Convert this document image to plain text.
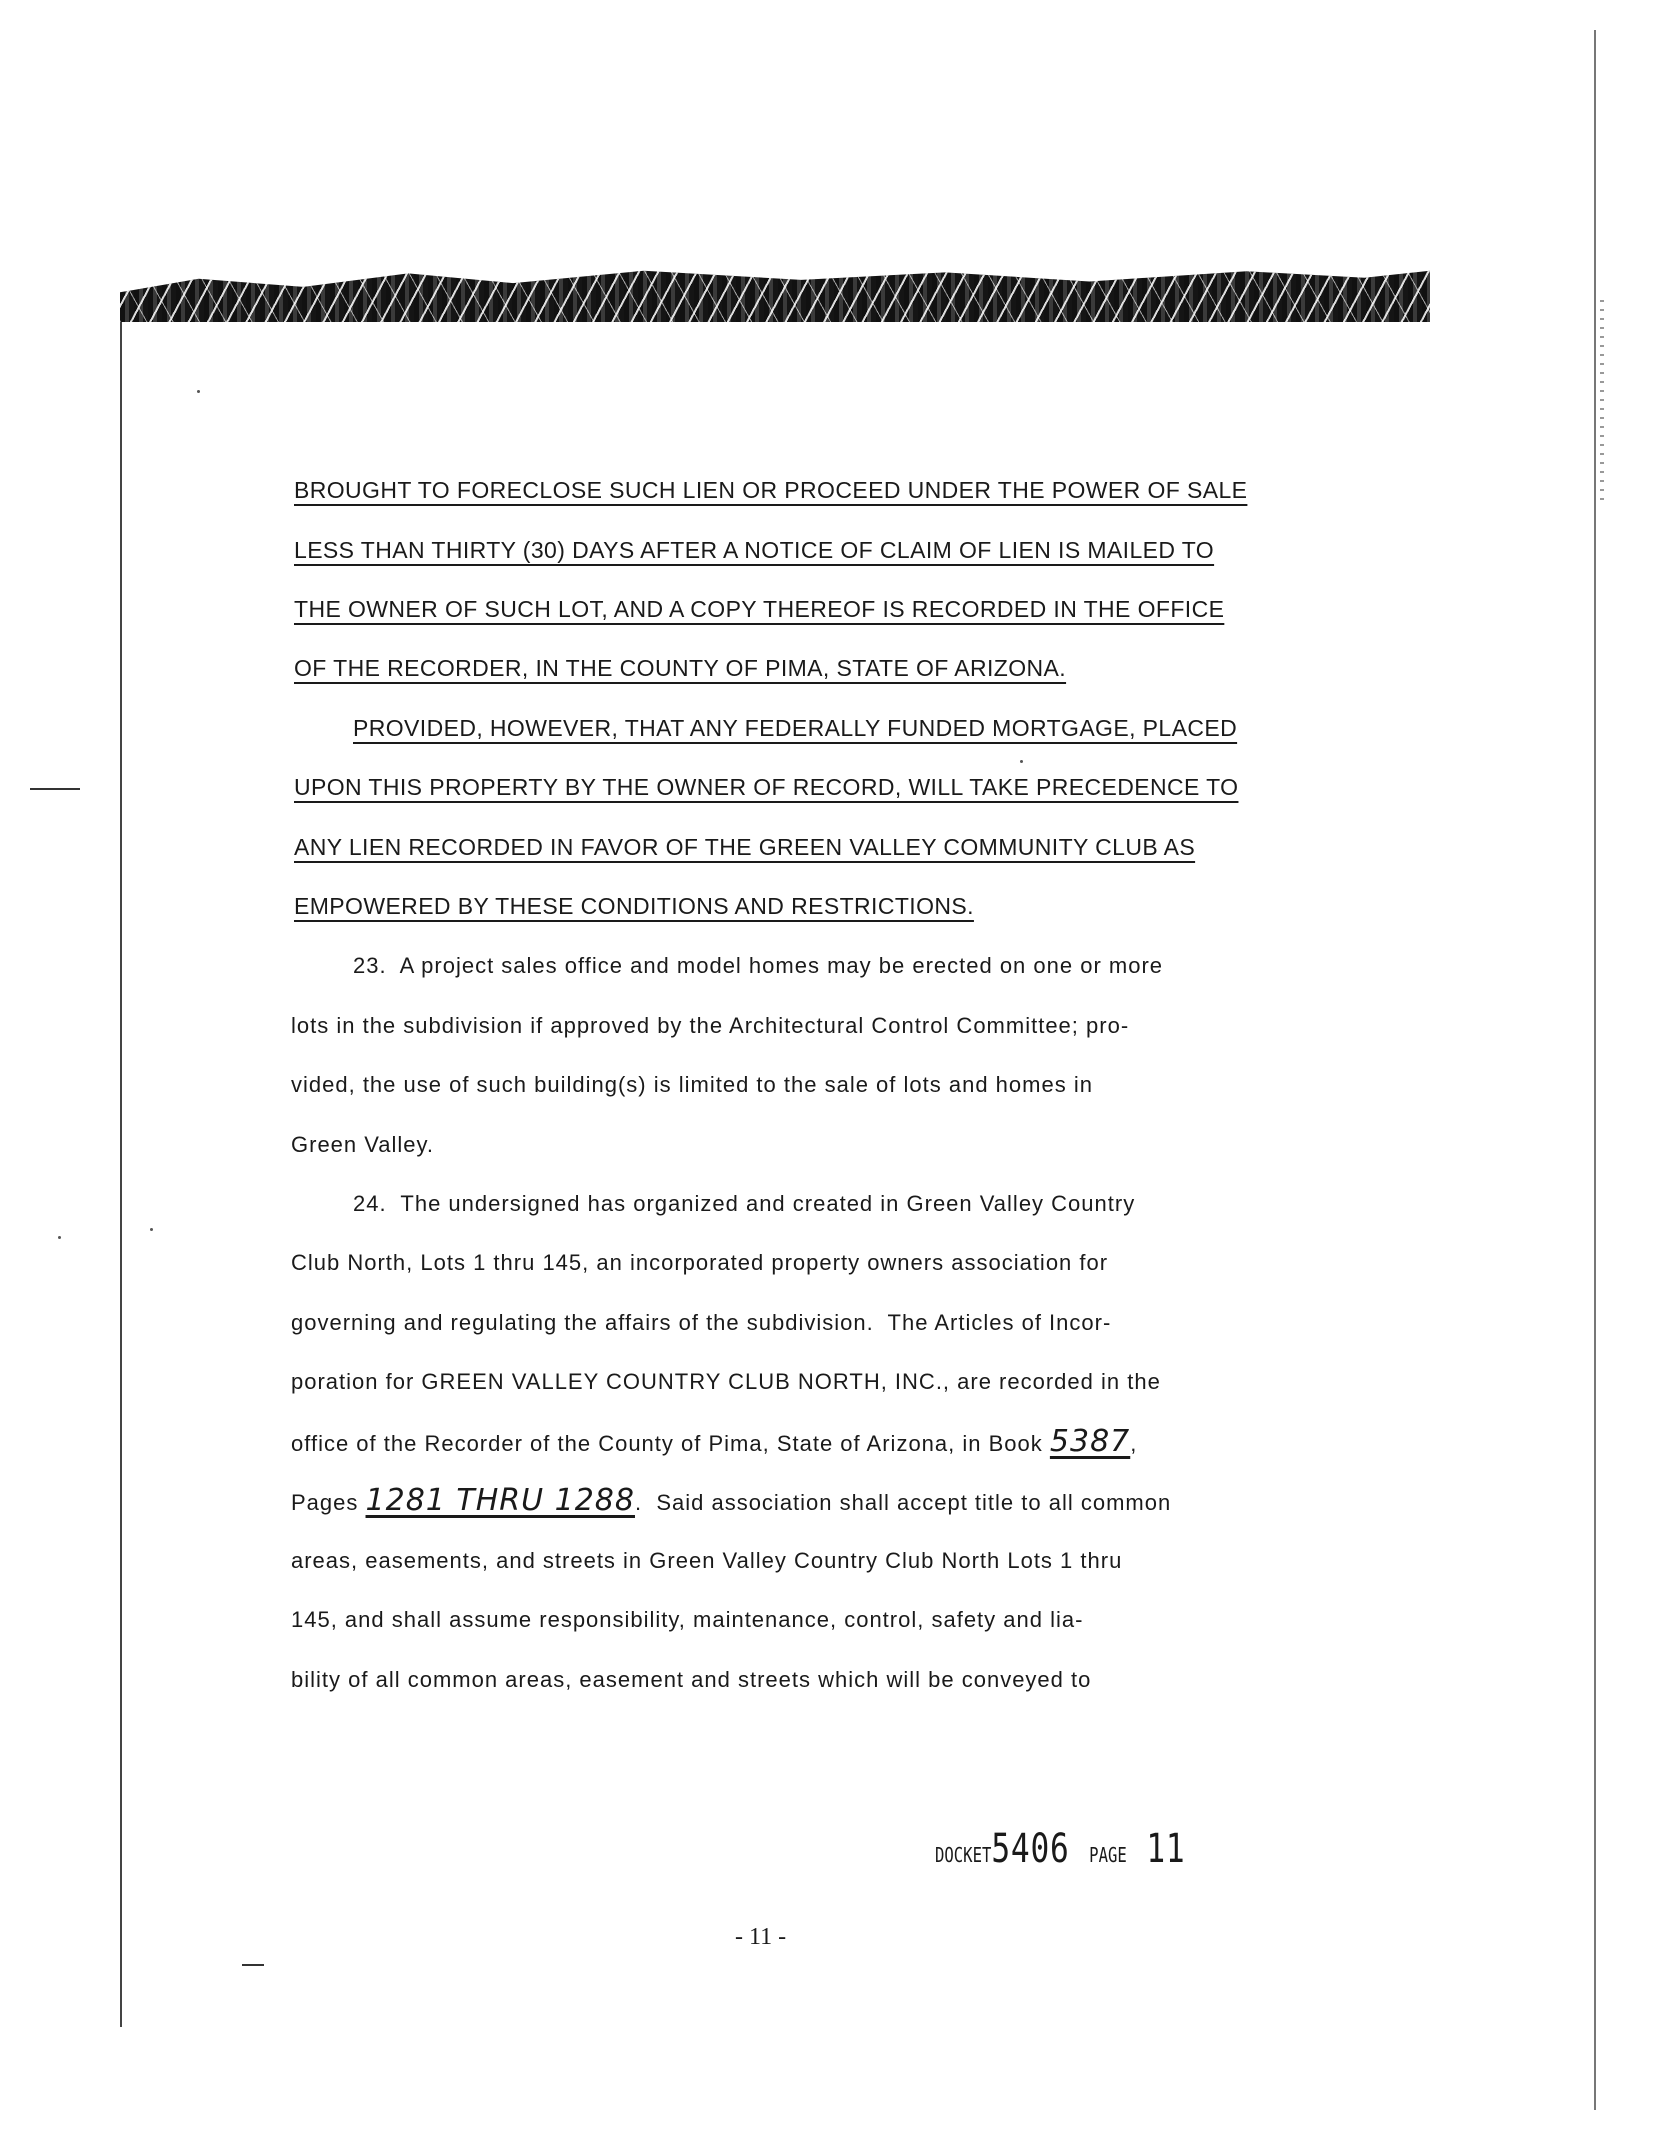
BROUGHT TO FORECLOSE SUCH LIEN OR PROCEED UNDER THE POWER OF SALE

LESS THAN THIRTY (30) DAYS AFTER A NOTICE OF CLAIM OF LIEN IS MAILED TO

THE OWNER OF SUCH LOT, AND A COPY THEREOF IS RECORDED IN THE OFFICE

OF THE RECORDER, IN THE COUNTY OF PIMA, STATE OF ARIZONA.

PROVIDED, HOWEVER, THAT ANY FEDERALLY FUNDED MORTGAGE, PLACED

UPON THIS PROPERTY BY THE OWNER OF RECORD, WILL TAKE PRECEDENCE TO

ANY LIEN RECORDED IN FAVOR OF THE GREEN VALLEY COMMUNITY CLUB AS

EMPOWERED BY THESE CONDITIONS AND RESTRICTIONS.

23.  A project sales office and model homes may be erected on one or more

lots in the subdivision if approved by the Architectural Control Committee; pro-

vided, the use of such building(s) is limited to the sale of lots and homes in

Green Valley.

24.  The undersigned has organized and created in Green Valley Country

Club North, Lots 1 thru 145, an incorporated property owners association for

governing and regulating the affairs of the subdivision.  The Articles of Incor-

poration for GREEN VALLEY COUNTRY CLUB NORTH, INC., are recorded in the

office of the Recorder of the County of Pima, State of Arizona, in Book 5387,

Pages 1281 THRU 1288.  Said association shall accept title to all common

areas, easements, and streets in Green Valley Country Club North Lots 1 thru

145, and shall assume responsibility, maintenance, control, safety and lia-

bility of all common areas, easement and streets which will be conveyed to

DOCKET5406 PAGE 11
- 11 -
